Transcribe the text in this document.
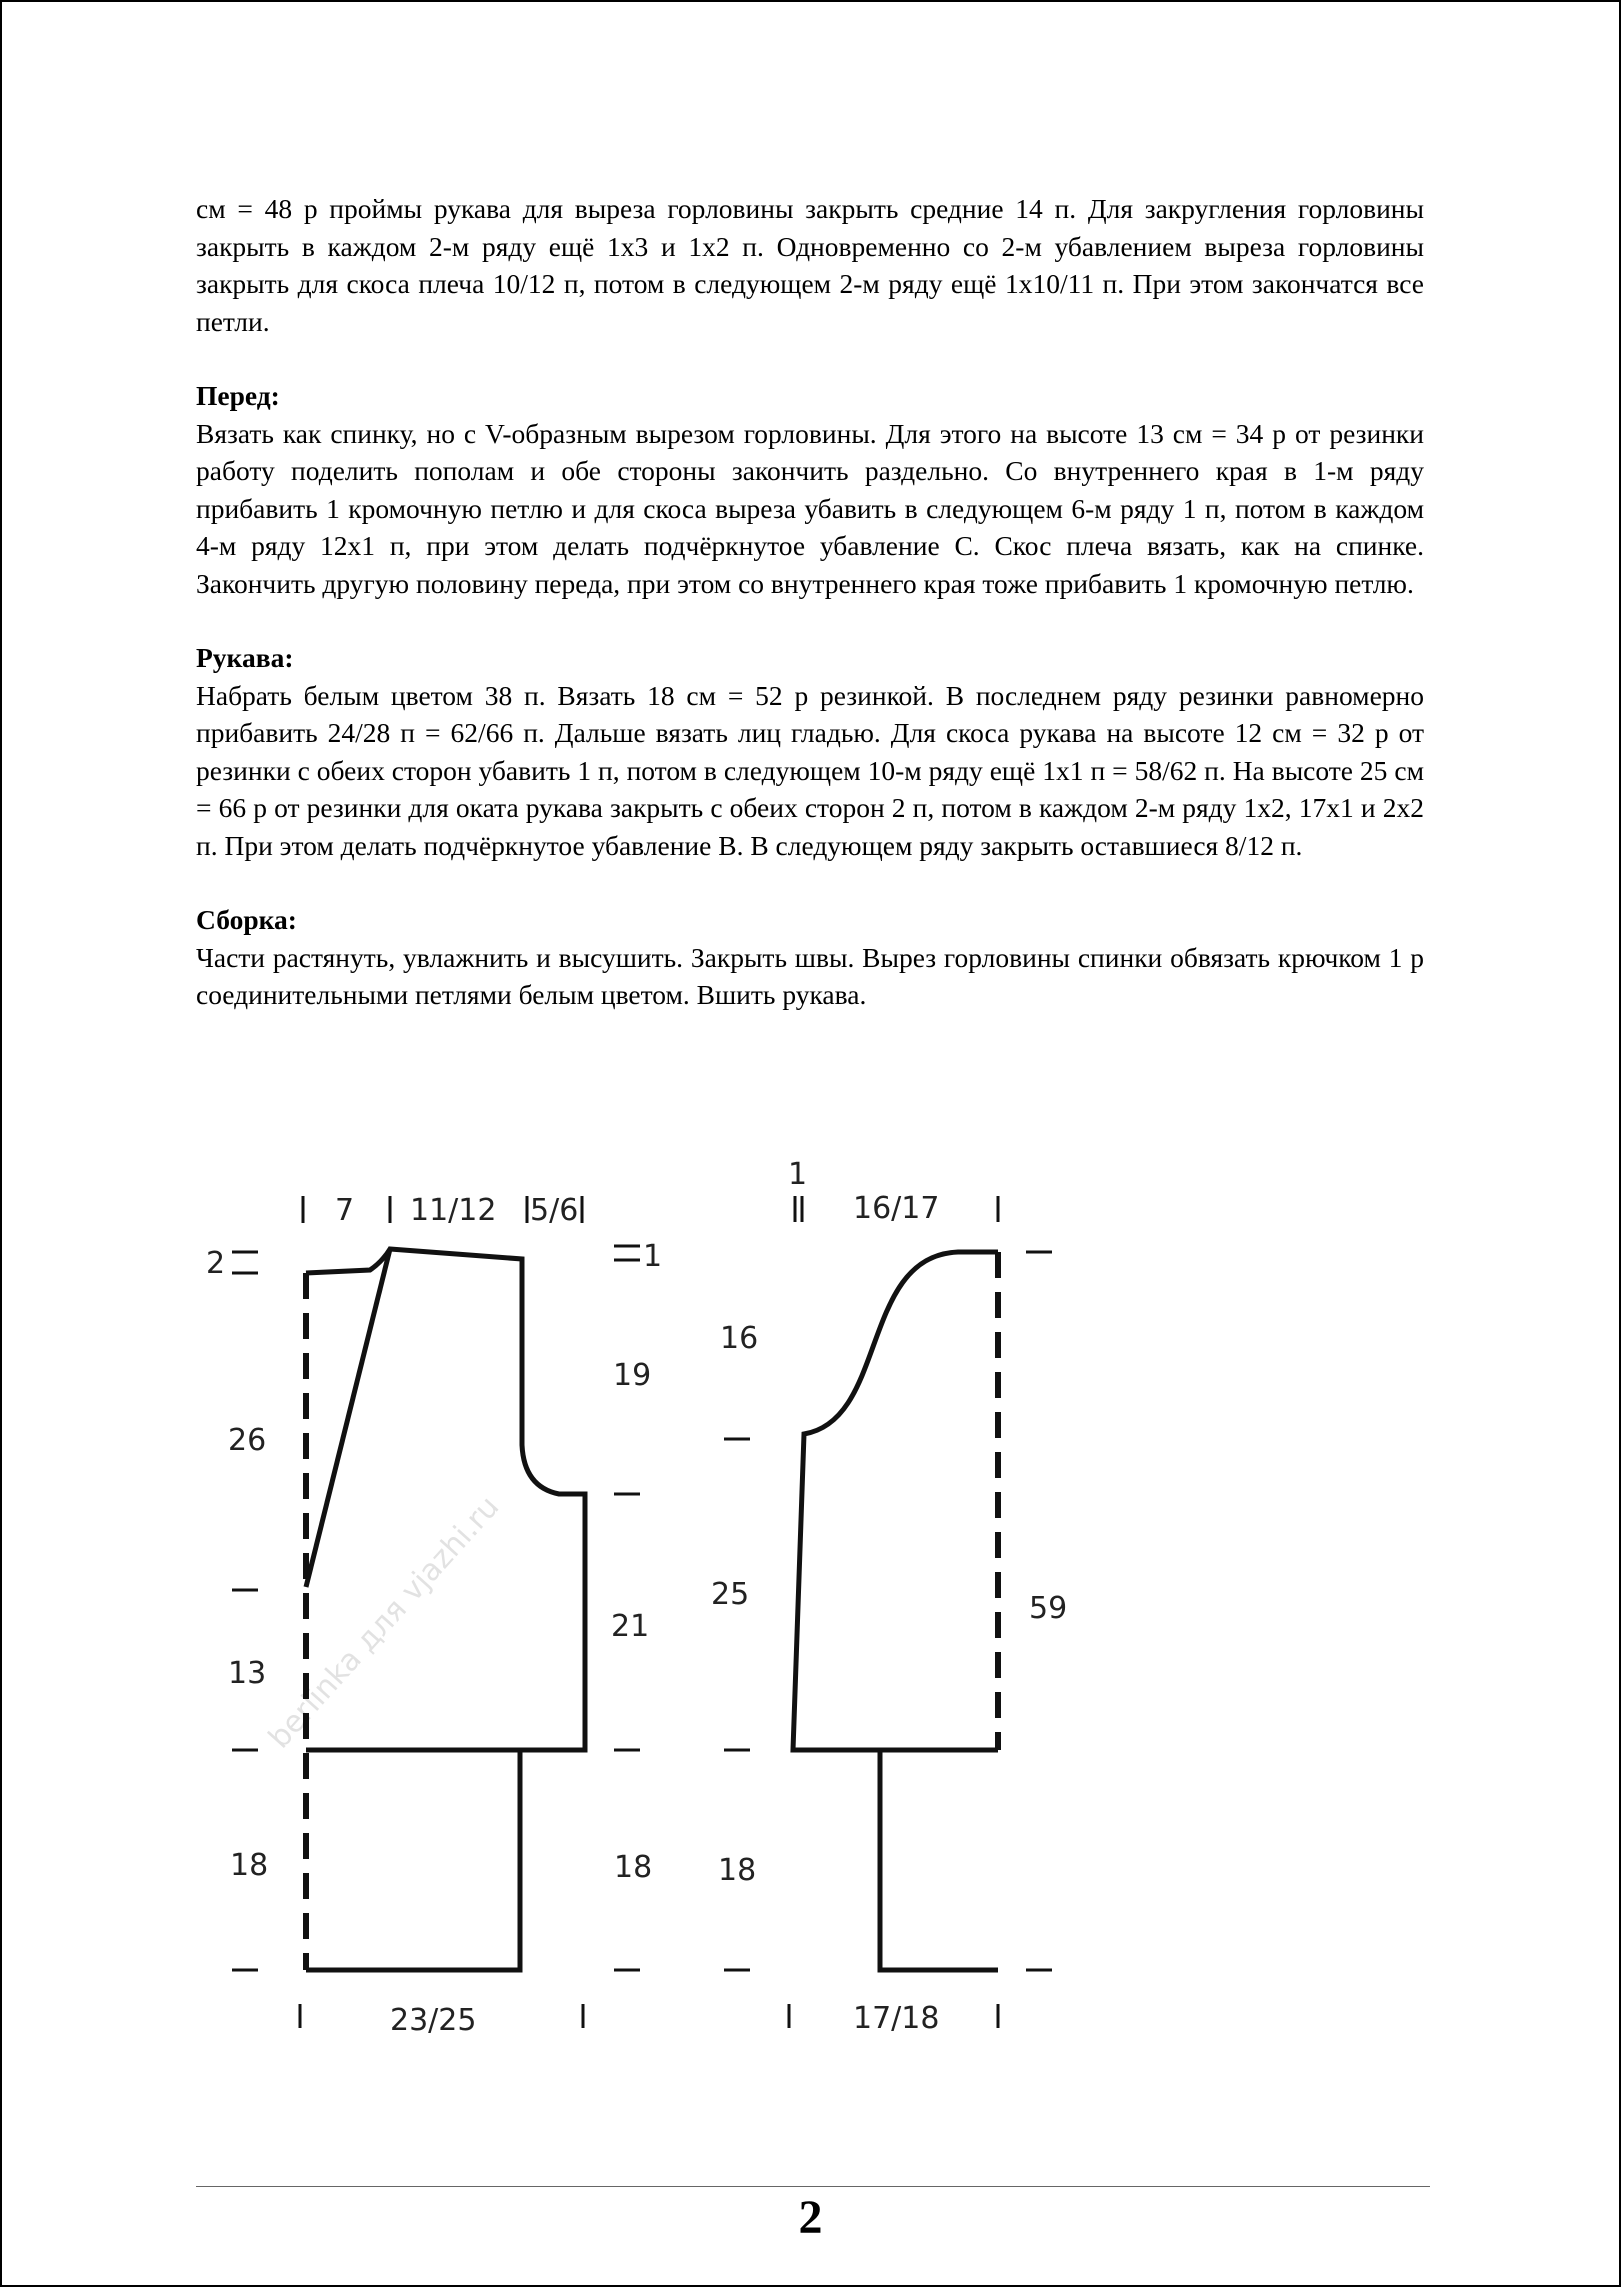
см = 48 р проймы рукава для выреза горловины закрыть средние 14 п. Для закругления горловины закрыть в каждом 2-м ряду ещё 1х3 и 1х2 п. Одновременно со 2-м убавлением выреза горловины закрыть для скоса плеча 10/12 п, потом в следующем 2-м ряду ещё 1х10/11 п. При этом закончатся все петли.

Перед:

Вязать как спинку, но с V-образным вырезом горловины. Для этого на высоте 13 см = 34 р от резинки работу поделить пополам и обе стороны закончить раздельно. Со внутреннего края в 1-м ряду прибавить 1 кромочную петлю и для скоса выреза убавить в следующем 6-м ряду 1 п, потом в каждом 4-м ряду 12х1 п, при этом делать подчёркнутое убавление С. Скос плеча вязать, как на спинке. Закончить другую половину переда, при этом со внутреннего края тоже прибавить 1 кромочную петлю.

Рукава:

Набрать белым цветом 38 п. Вязать 18 см = 52 р резинкой. В последнем ряду резинки равномерно прибавить 24/28 п = 62/66 п. Дальше вязать лиц гладью. Для скоса рукава на высоте 12 см = 32 р от резинки с обеих сторон убавить 1 п, потом в следующем 10-м ряду ещё 1х1 п = 58/62 п. На высоте 25 см = 66 р от резинки для оката рукава закрыть с обеих сторон 2 п, потом в каждом 2-м ряду 1х2, 17х1 и 2х2 п. При этом делать подчёркнутое убавление В. В следующем ряду закрыть оставшиеся 8/12 п.

Сборка:

Части растянуть, увлажнить и высушить. Закрыть швы. Вырез горловины спинки обвязать крючком 1 р соединительными петлями белым цветом. Вшить рукава.

berlinka для vjazhi.ru
7 11/12 5/6
2
26
13
18
1
19
21
18
23/25
1
16/17
16
25
18
59
17/18
2
